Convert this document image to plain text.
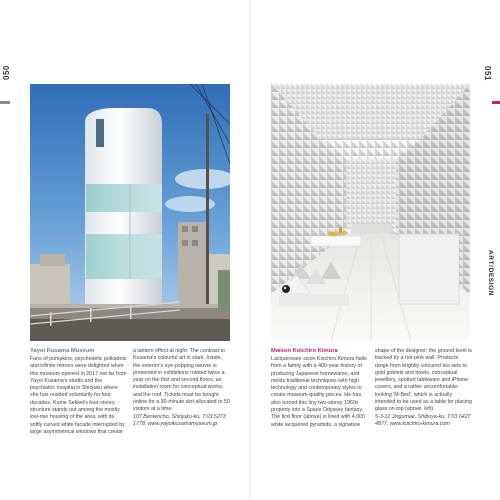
050
Yayoi Kusama Museum

Fans of pumpkins, psychedelic polkadots and infinite mirrors were delighted when this museum opened in 2017 not far from Yayoi Kusama's studio and the psychiatric hospital in Shinjuku where she has resided voluntarily for four decades. Kume Sekkei's four-storey structure stands out among the mostly low-rise housing of the area, with its softly curved white facade interrupted by large asymmetrical windows that create

a lantern effect at night. The contrast to Kusama's colourful art is stark. Inside, the exterior's eye-popping oeuvre is presented in exhibitions rotated twice a year on the first and second floors, an installation room for conceptual works, and the roof. Tickets must be bought online for a 90-minute slot allocated to 50 visitors at a time.

107 Bentencho, Shinjuku-ku, T:03 5273 1778, www.yayoikusamamuseum.jp

051
ART/DESIGN
Maison Koichiro Kimura

Lacquerware scion Koichiro Kimura hails from a family with a 400-year history of producing Japanese homewares, and melds traditional techniques with high technology and contemporary styles to create museum-quality pieces. He has also turned this tiny two-storey 1960s property into a Space Odyssey fantasy. The first floor (above) is lined with 4,000 white lacquered pyramids, a signature

shape of the designer; the ground level is backed by a hot-pink wall. Products range from brightly coloured tea sets to gold goblets and bowls, conceptual jewellery, spotted tableware and iPhone covers, and a rather uncomfortable-looking 'M-Bed', which is actually intended to be used as a table for placing glass on top (above, left).

5-3-12 Jingumae, Shibuya-ku, T:03 6427 4877, www.koichiro-kimura.com
